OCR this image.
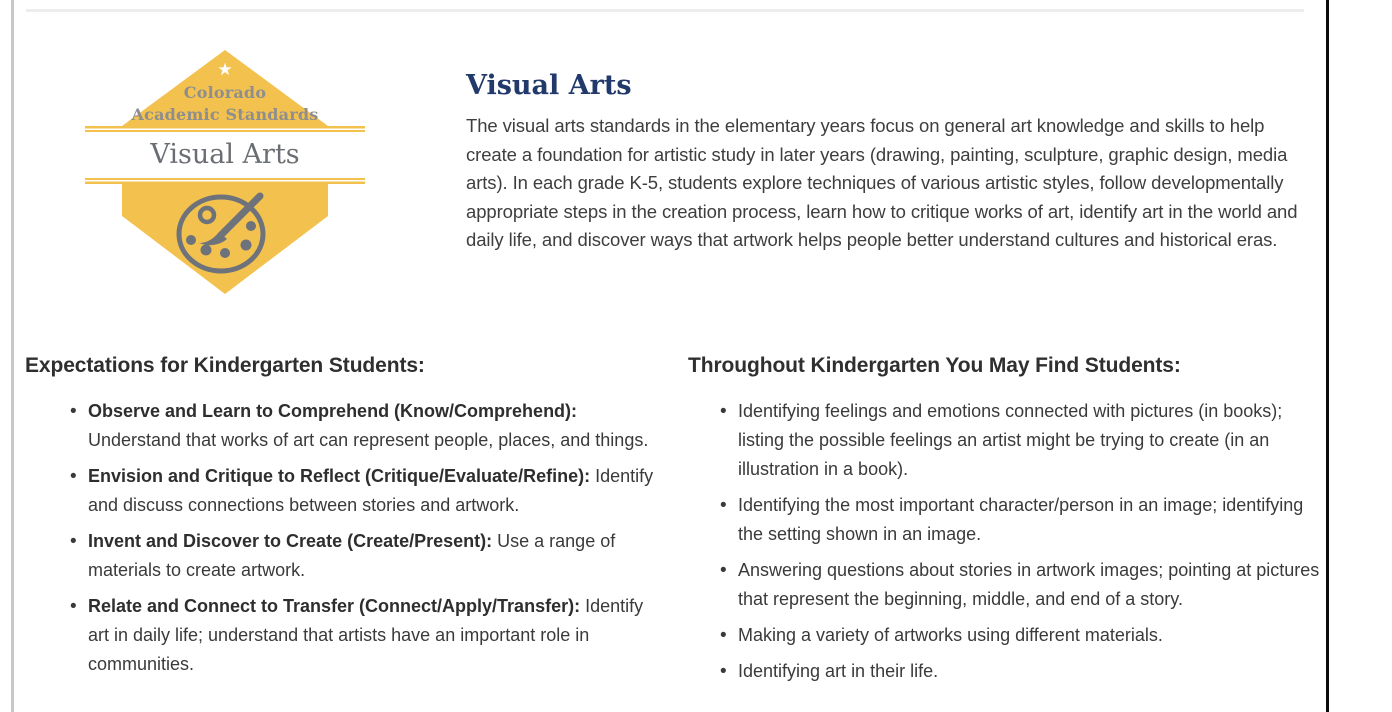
★
Colorado
Academic Standards
Visual Arts
Visual Arts

The visual arts standards in the elementary years focus on general art knowledge and skills to help create a foundation for artistic study in later years (drawing, painting, sculpture, graphic design, media arts). In each grade K-5, students explore techniques of various artistic styles, follow developmentally appropriate steps in the creation process, learn how to critique works of art, identify art in the world and daily life, and discover ways that artwork helps people better understand cultures and historical eras.

Expectations for Kindergarten Students:
• Observe and Learn to Comprehend (Know/Comprehend): Understand that works of art can represent people, places, and things.
• Envision and Critique to Reflect (Critique/Evaluate/Refine): Identify and discuss connections between stories and artwork.
• Invent and Discover to Create (Create/Present): Use a range of materials to create artwork.
• Relate and Connect to Transfer (Connect/Apply/Transfer): Identify art in daily life; understand that artists have an important role in communities.
Throughout Kindergarten You May Find Students:
• Identifying feelings and emotions connected with pictures (in books); listing the possible feelings an artist might be trying to create (in an illustration in a book).
• Identifying the most important character/person in an image; identifying the setting shown in an image.
• Answering questions about stories in artwork images; pointing at pictures that represent the beginning, middle, and end of a story.
• Making a variety of artworks using different materials.
• Identifying art in their life.
